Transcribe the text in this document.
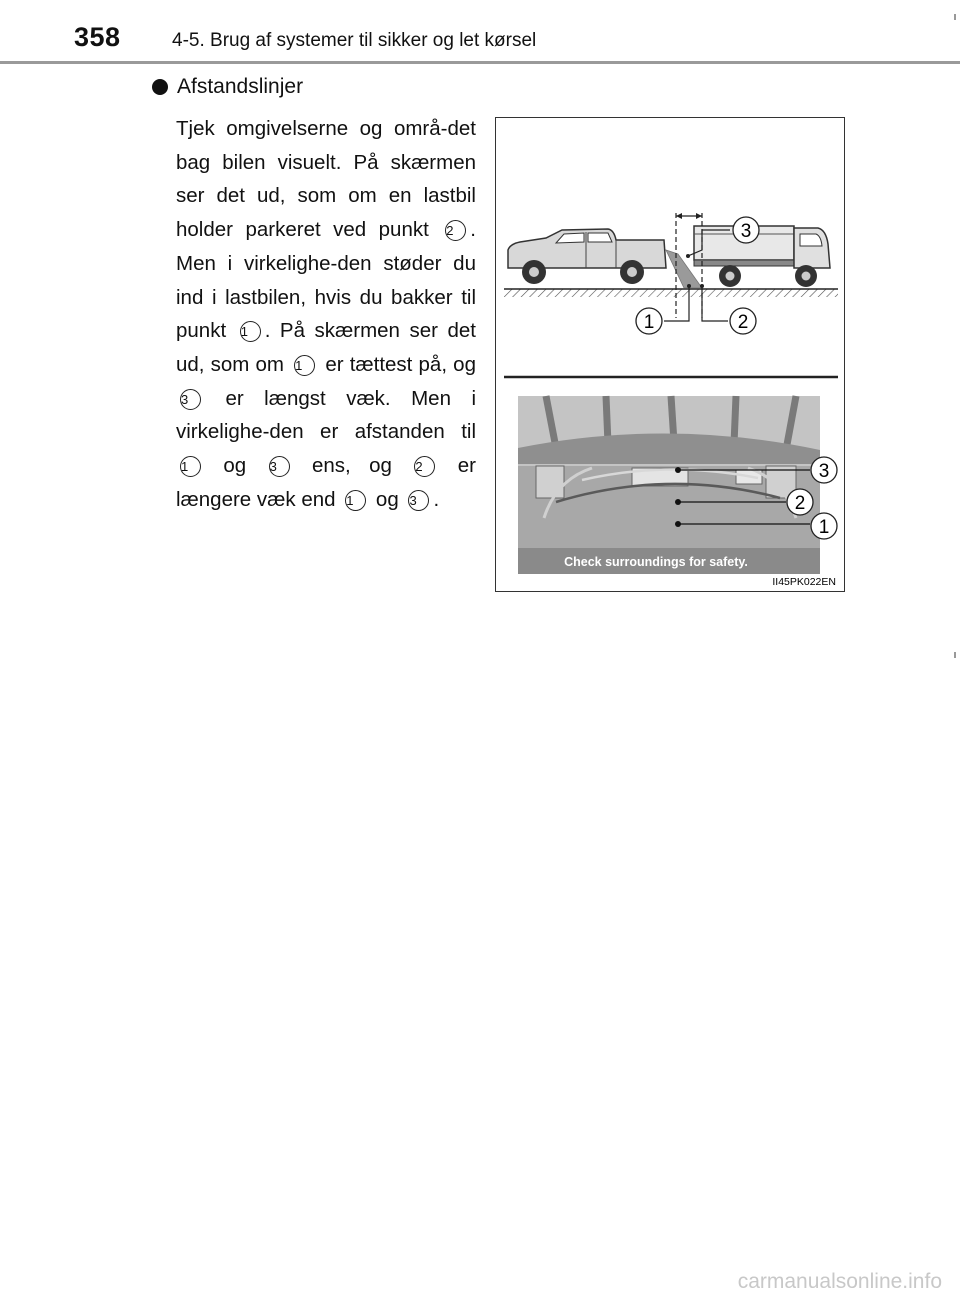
358	4-5. Brug af systemer til sikker og let kørsel
Afstandslinjer
Tjek omgivelserne og områ-det bag bilen visuelt. På skærmen ser det ud, som om en lastbil holder parkeret ved punkt 2 . Men i virkelighe-den støder du ind i lastbilen, hvis du bakker til punkt 1 . På skærmen ser det ud, som om 1 er tættest på, og 3 er længst væk. Men i virkelighe-den er afstanden til 1 og 3 ens, og 2 er længere væk end 1 og 3 .
3
1	2
Check surroundings for safety.
3
2
1
II45PK022EN
carmanualsonline.info
